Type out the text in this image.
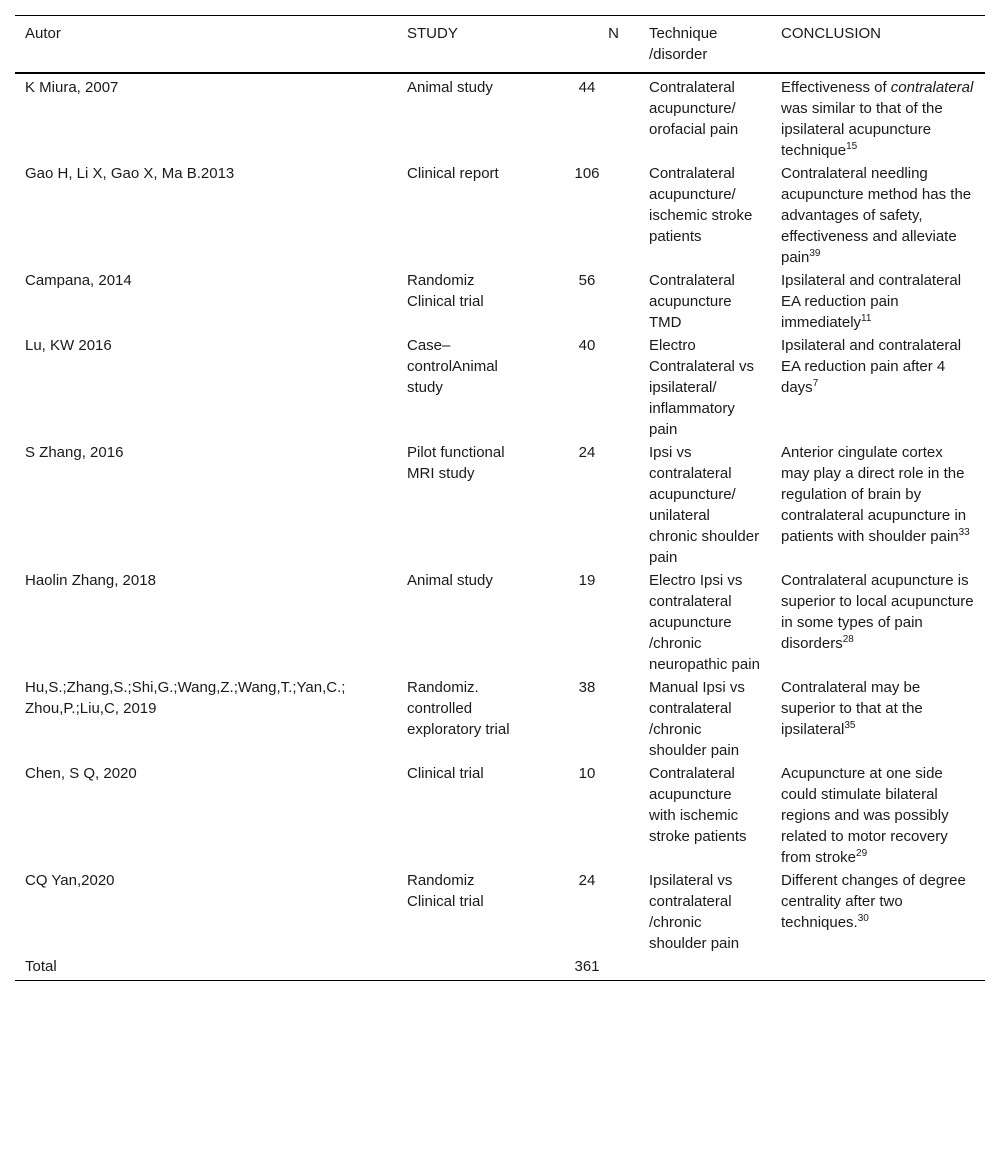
Autor	STUDY	N	Technique /disorder	CONCLUSION
K Miura, 2007	Animal study	44	Contralateral acupuncture/ orofacial pain	Effectiveness of contralateral was similar to that of the ipsilateral acupuncture technique$^{15}$
Gao H, Li X, Gao X, Ma B.2013	Clinical report	106	Contralateral acupuncture/ ischemic stroke patients	Contralateral needling acupuncture method has the advantages of safety, effectiveness and alleviate pain$^{39}$
Campana, 2014	Randomiz Clinical trial	56	Contralateral acupuncture TMD	Ipsilateral and contralateral EA reduction pain immediately$^{11}$
Lu, KW 2016	Case–controlAnimal study	40	Electro Contralateral vs ipsilateral/ inflammatory pain	Ipsilateral and contralateral EA reduction pain after 4 days$^7$
S Zhang, 2016	Pilot functional MRI study	24	Ipsi vs contralateral acupuncture/ unilateral chronic shoulder pain	Anterior cingulate cortex may play a direct role in the regulation of brain by contralateral acupuncture in patients with shoulder pain$^{33}$
Haolin Zhang, 2018	Animal study	19	Electro Ipsi vs contralateral acupuncture /chronic neuropathic pain	Contralateral acupuncture is superior to local acupuncture in some types of pain disorders$^{28}$
Hu,S.;Zhang,S.;Shi,G.;Wang,Z.;Wang,T.;Yan,C.; Zhou,P.;Liu,C, 2019	Randomiz. controlled exploratory trial	38	Manual Ipsi vs contralateral /chronic shoulder pain	Contralateral may be superior to that at the ipsilateral$^{35}$
Chen, S Q, 2020	Clinical trial	10	Contralateral acupuncture with ischemic stroke patients	Acupuncture at one side could stimulate bilateral regions and was possibly related to motor recovery from stroke$^{29}$
CQ Yan,2020	Randomiz Clinical trial	24	Ipsilateral vs contralateral /chronic shoulder pain	Different changes of degree centrality after two techniques.$^{30}$
Total		361		
